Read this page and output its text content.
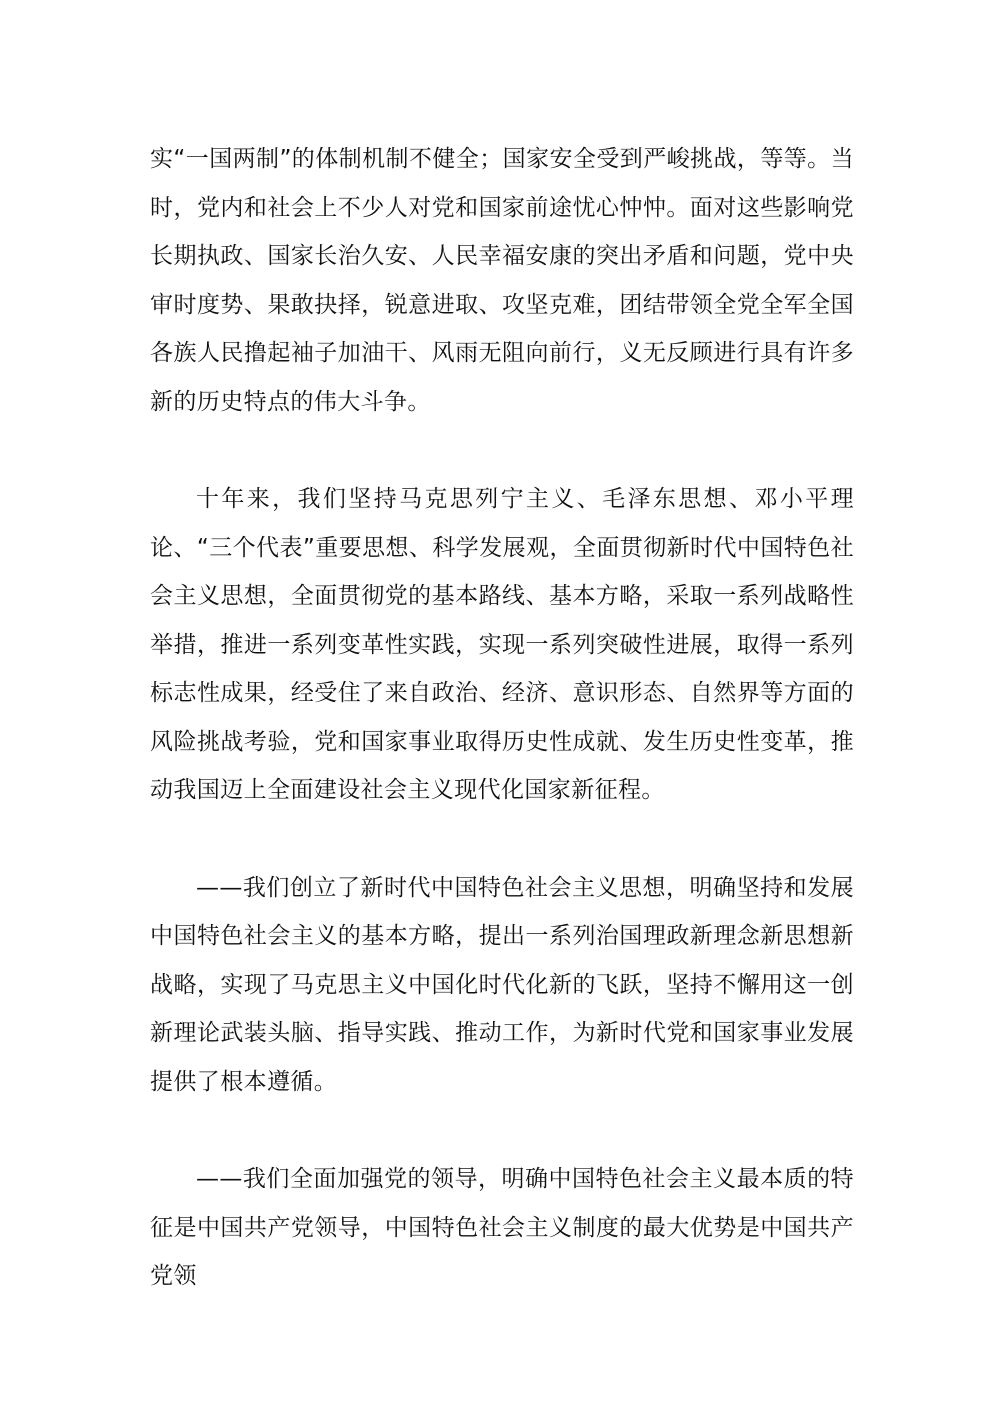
实“一国两制”的体制机制不健全；国家安全受到严峻挑战，等等。当时，党内和社会上不少人对党和国家前途忧心忡忡。面对这些影响党长期执政、国家长治久安、人民幸福安康的突出矛盾和问题，党中央审时度势、果敢抉择，锐意进取、攻坚克难，团结带领全党全军全国各族人民撸起袖子加油干、风雨无阻向前行，义无反顾进行具有许多新的历史特点的伟大斗争。

十年来，我们坚持马克思列宁主义、毛泽东思想、邓小平理论、“三个代表”重要思想、科学发展观，全面贯彻新时代中国特色社会主义思想，全面贯彻党的基本路线、基本方略，采取一系列战略性举措，推进一系列变革性实践，实现一系列突破性进展，取得一系列标志性成果，经受住了来自政治、经济、意识形态、自然界等方面的风险挑战考验，党和国家事业取得历史性成就、发生历史性变革，推动我国迈上全面建设社会主义现代化国家新征程。

——我们创立了新时代中国特色社会主义思想，明确坚持和发展中国特色社会主义的基本方略，提出一系列治国理政新理念新思想新战略，实现了马克思主义中国化时代化新的飞跃，坚持不懈用这一创新理论武装头脑、指导实践、推动工作，为新时代党和国家事业发展提供了根本遵循。

——我们全面加强党的领导，明确中国特色社会主义最本质的特征是中国共产党领导，中国特色社会主义制度的最大优势是中国共产党领
